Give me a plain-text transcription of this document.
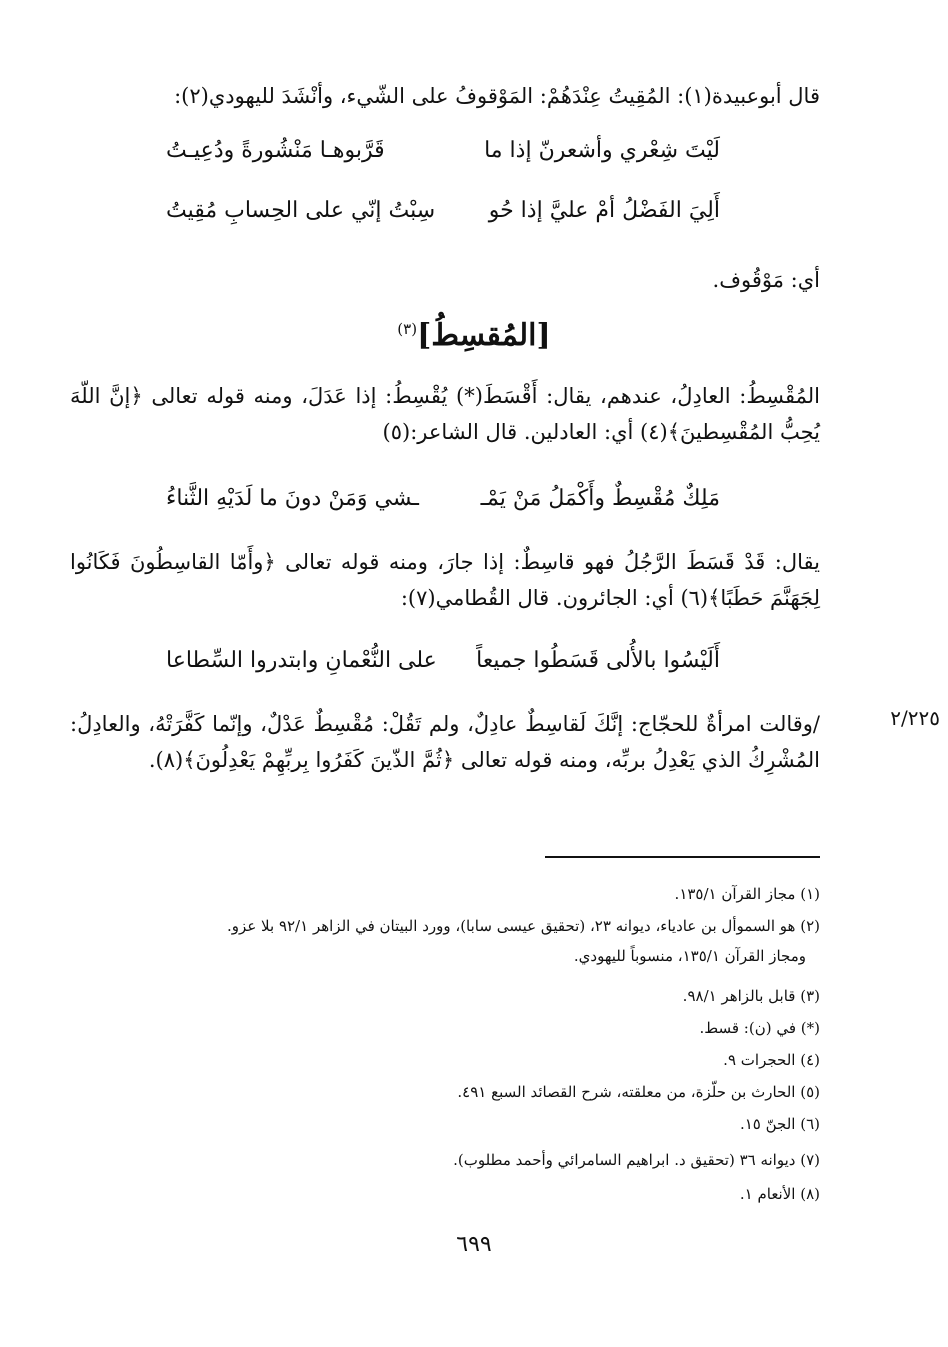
قال أبوعبيدة(١): المُقِيتُ عِنْدَهُمْ: المَوْقوفُ على الشّيء، وأنْشَدَ لليهودي(٢):
لَيْتَ شِعْري وأشعرنّ إذا ما
قَرَّبوهـا مَنْشُورةً ودُعِيـتُ
أَلِيَ الفَضْلُ أمْ عليَّ إذا حُو
سِبْتُ إنّي على الحِسابِ مُقِيتُ
أي: مَوْقُوف.
[المُقسِطُ]$^{(٣)}$
المُقْسِطُ: العادِلُ، عندهم، يقال: أَقْسَطَ(*) يُقْسِطُ: إذا عَدَلَ، ومنه قوله تعالى ﴿إنَّ اللّهَ يُحِبُّ المُقْسِطينَ﴾(٤) أي: العادلين. قال الشاعر:(٥)
مَلِكٌ مُقْسِطٌ وأَكْمَلُ مَنْ يَمْـ
ـشي وَمَنْ دونَ ما لَدَيْهِ الثَّناءُ
يقال: قَدْ قَسَطَ الرَّجُلُ فهو قاسِطٌ: إذا جارَ، ومنه قوله تعالى ﴿وأَمّا القاسِطُونَ فَكَانُوا لِجَهَنَّمَ حَطَبًا﴾(٦) أي: الجائرون. قال القُطامي(٧):
أَلَيْسُوا بالأُلى قَسَطُوا جميعاً
على النُّعْمانِ وابتدروا السِّطاعا
٢/٢٢٥
/وقالت امرأةٌ للحجّاج: إنَّكَ لَقاسِطٌ عادِلٌ، ولم تَقُلْ: مُقْسِطٌ عَدْلٌ، وإنّما كَفَّرَتْهُ، والعادِلُ: المُشْرِكُ الذي يَعْدِلُ بربِّه، ومنه قوله تعالى ﴿ثُمَّ الذّينَ كَفَرُوا بِربِّهِمْ يَعْدِلُونَ﴾(٨).
(١) مجاز القرآن ١٣٥/١.
(٢) هو السموأل بن عادياء، ديوانه ٢٣، (تحقيق عيسى سابا)، وورد البيتان في الزاهر ٩٢/١ بلا عزو.
ومجاز القرآن ١٣٥/١، منسوباً لليهودي.
(٣) قابل بالزاهر ٩٨/١.
(*) في (ن): قسط.
(٤) الحجرات ٩.
(٥) الحارث بن حلّزة، من معلقته، شرح القصائد السبع ٤٩١.
(٦) الجنّ ١٥.
(٧) ديوانه ٣٦ (تحقيق د. ابراهيم السامرائي وأحمد مطلوب).
(٨) الأنعام ١.
٦٩٩
